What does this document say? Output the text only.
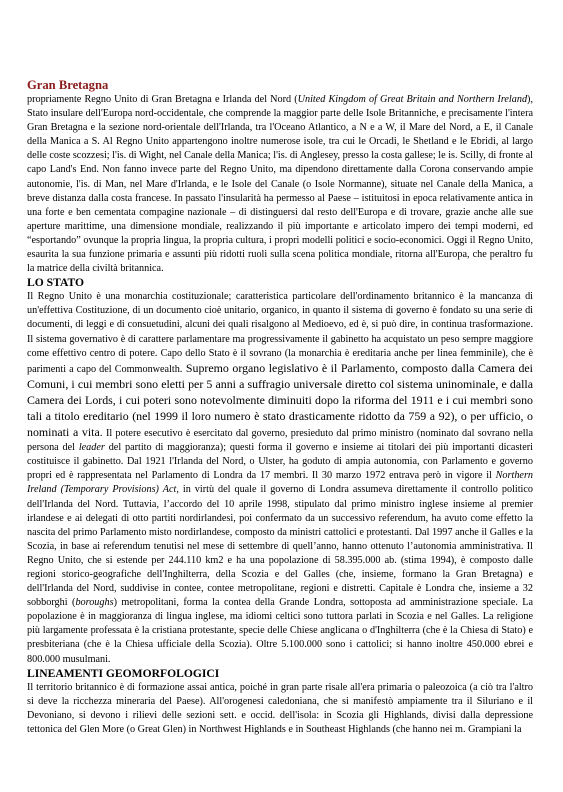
Gran Bretagna

propriamente Regno Unito di Gran Bretagna e Irlanda del Nord (United Kingdom of Great Britain and Northern Ireland), Stato insulare dell'Europa nord-occidentale, che comprende la maggior parte delle Isole Britanniche, e precisamente l'intera Gran Bretagna e la sezione nord-orientale dell'Irlanda, tra l'Oceano Atlantico, a N e a W, il Mare del Nord, a E, il Canale della Manica a S. Al Regno Unito appartengono inoltre numerose isole, tra cui le Orcadi, le Shetland e le Ebridi, al largo delle coste scozzesi; l'is. di Wight, nel Canale della Manica; l'is. di Anglesey, presso la costa gallese; le is. Scilly, di fronte al capo Land's End. Non fanno invece parte del Regno Unito, ma dipendono direttamente dalla Corona conservando ampie autonomie, l'is. di Man, nel Mare d'Irlanda, e le Isole del Canale (o Isole Normanne), situate nel Canale della Manica, a breve distanza dalla costa francese. In passato l'insularità ha permesso al Paese – istituitosi in epoca relativamente antica in una forte e ben cementata compagine nazionale – di distinguersi dal resto dell'Europa e di trovare, grazie anche alle sue aperture marittime, una dimensione mondiale, realizzando il più importante e articolato impero dei tempi moderni, ed “esportando” ovunque la propria lingua, la propria cultura, i propri modelli politici e socio-economici. Oggi il Regno Unito, esaurita la sua funzione primaria e assunti più ridotti ruoli sulla scena politica mondiale, ritorna all'Europa, che peraltro fu la matrice della civiltà britannica.

LO STATO

Il Regno Unito è una monarchia costituzionale; caratteristica particolare dell'ordinamento britannico è la mancanza di un'effettiva Costituzione, di un documento cioè unitario, organico, in quanto il sistema di governo è fondato su una serie di documenti, di leggi e di consuetudini, alcuni dei quali risalgono al Medioevo, ed è, si può dire, in continua trasformazione. Il sistema governativo è di carattere parlamentare ma progressivamente il gabinetto ha acquistato un peso sempre maggiore come effettivo centro di potere. Capo dello Stato è il sovrano (la monarchia è ereditaria anche per linea femminile), che è parimenti a capo del Commonwealth. Supremo organo legislativo è il Parlamento, composto dalla Camera dei Comuni, i cui membri sono eletti per 5 anni a suffragio universale diretto col sistema uninominale, e dalla Camera dei Lords, i cui poteri sono notevolmente diminuiti dopo la riforma del 1911 e i cui membri sono tali a titolo ereditario (nel 1999 il loro numero è stato drasticamente ridotto da 759 a 92), o per ufficio, o nominati a vita. Il potere esecutivo è esercitato dal governo, presieduto dal primo ministro (nominato dal sovrano nella persona del leader del partito di maggioranza); questi forma il governo e insieme ai titolari dei più importanti dicasteri costituisce il gabinetto. Dal 1921 l'Irlanda del Nord, o Ulster, ha goduto di ampia autonomia, con Parlamento e governo propri ed è rappresentata nel Parlamento di Londra da 17 membri. Il 30 marzo 1972 entrava però in vigore il Northern Ireland (Temporary Provisions) Act, in virtù del quale il governo di Londra assumeva direttamente il controllo politico dell'Irlanda del Nord. Tuttavia, l’accordo del 10 aprile 1998, stipulato dal primo ministro inglese insieme al premier irlandese e ai delegati di otto partiti nordirlandesi, poi confermato da un successivo referendum, ha avuto come effetto la nascita del primo Parlamento misto nordirlandese, composto da ministri cattolici e protestanti. Dal 1997 anche il Galles e la Scozia, in base ai referendum tenutisi nel mese di settembre di quell’anno, hanno ottenuto l’autonomia amministrativa. Il Regno Unito, che si estende per 244.110 km2 e ha una popolazione di 58.395.000 ab. (stima 1994), è composto dalle regioni storico-geografiche dell'Inghilterra, della Scozia e del Galles (che, insieme, formano la Gran Bretagna) e dell'Irlanda del Nord, suddivise in contee, contee metropolitane, regioni e distretti. Capitale è Londra che, insieme a 32 sobborghi (boroughs) metropolitani, forma la contea della Grande Londra, sottoposta ad amministrazione speciale. La popolazione è in maggioranza di lingua inglese, ma idiomi celtici sono tuttora parlati in Scozia e nel Galles. La religione più largamente professata è la cristiana protestante, specie delle Chiese anglicana o d'Inghilterra (che è la Chiesa di Stato) e presbiteriana (che è la Chiesa ufficiale della Scozia). Oltre 5.100.000 sono i cattolici; si hanno inoltre 450.000 ebrei e 800.000 musulmani.

LINEAMENTI GEOMORFOLOGICI

Il territorio britannico è di formazione assai antica, poiché in gran parte risale all'era primaria o paleozoica (a ciò tra l'altro si deve la ricchezza mineraria del Paese). All'orogenesi caledoniana, che si manifestò ampiamente tra il Siluriano e il Devoniano, si devono i rilievi delle sezioni sett. e occid. dell'isola: in Scozia gli Highlands, divisi dalla depressione tettonica del Glen More (o Great Glen) in Northwest Highlands e in Southeast Highlands (che hanno nei m. Grampiani la
